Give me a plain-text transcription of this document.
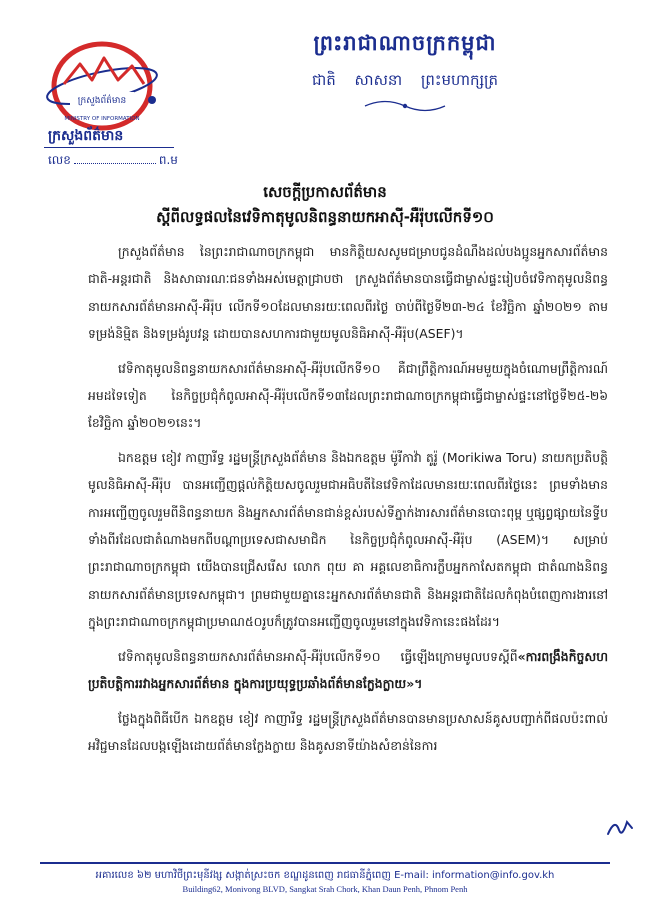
ព្រះរាជាណាចក្រកម្ពុជា
ជាតិ សាសនា ព្រះមហាក្សត្រ
ក្រសួងព័ត៌មាន
MINISTRY OF INFORMATION
ក្រសួងព័ត៌មាន
លេខ	ព.ម
សេចក្តីប្រកាសព័ត៌មាន
ស្តីពីលទ្ធផលនៃវេទិកាតុមូលនិពន្ធនាយកអាស៊ី-អឺរ៉ុបលើកទី១០

ក្រសួងព័ត៌មាន នៃព្រះរាជាណាចក្រកម្ពុជា មានកិត្តិយសសូមជម្រាបជូនដំណឹងដល់បងប្អូនអ្នកសារព័ត៌មានជាតិ-អន្តរជាតិ និងសាធារណៈជនទាំងអស់មេត្តាជ្រាបថា ក្រសួងព័ត៌មានបានធ្វើជាម្ចាស់ផ្ទះរៀបចំវេទិកាតុមូលនិពន្ធនាយកសារព័ត៌មានអាស៊ី-អឺរ៉ុប លើកទី១០ដែលមានរយៈពេលពីរថ្ងៃ ចាប់ពីថ្ងៃទី២៣-២៤ ខែវិច្ឆិកា ឆ្នាំ២០២១ តាមទម្រង់និម្មិត និងទម្រង់រូបវន្ត ដោយបានសហការជាមួយមូលនិធិអាស៊ី-អឺរ៉ុប(ASEF)។

វេទិកាតុមូលនិពន្ធនាយកសារព័ត៌មានអាស៊ី-អឺរ៉ុបលើកទី១០ គឺជាព្រឹត្តិការណ៍អមមួយក្នុងចំណោមព្រឹត្តិការណ៍អមដទៃទៀត នៃកិច្ចប្រជុំកំពូលអាស៊ី-អឺរ៉ុបលើកទី១៣ដែលព្រះរាជាណាចក្រកម្ពុជាធ្វើជាម្ចាស់ផ្ទះនៅថ្ងៃទី២៥-២៦ ខែវិច្ឆិកា ឆ្នាំ២០២១នេះ។

ឯកឧត្តម ខៀវ កាញារីទ្ធ រដ្ឋមន្ត្រីក្រសួងព័ត៌មាន និងឯកឧត្តម ម៉ូរីកាវ៉ា តូរ៉ូ (Morikiwa Toru) នាយកប្រតិបត្តិមូលនិធិអាស៊ី-អឺរ៉ុប បានអញ្ជើញផ្តល់កិត្តិយសចូលរួមជាអធិបតីនៃវេទិកាដែលមានរយៈពេលពីរថ្ងៃនេះ ព្រមទាំងមានការអញ្ជើញចូលរួមពីនិពន្ធនាយក និងអ្នកសារព័ត៌មានជាន់ខ្ពស់របស់ទីភ្នាក់ងារសារព័ត៌មានបោះពុម្ព ឬផ្សព្វផ្សាយនៃទ្វីបទាំងពីរដែលជាតំណាងមកពីបណ្តាប្រទេសជាសមាជិក នៃកិច្ចប្រជុំកំពូលអាស៊ី-អឺរ៉ុប (ASEM)។ សម្រាប់ព្រះរាជាណាចក្រកម្ពុជា យើងបានជ្រើសរើស លោក ពុយ គា អគ្គលេខាធិការក្លឹបអ្នកកាសែតកម្ពុជា ជាតំណាងនិពន្ធនាយកសារព័ត៌មានប្រទេសកម្ពុជា។ ព្រមជាមួយគ្នានេះអ្នកសារព័ត៌មានជាតិ និងអន្តរជាតិដែលកំពុងបំពេញការងារនៅក្នុងព្រះរាជាណាចក្រកម្ពុជាប្រមាណ៥០រូបក៏ត្រូវបានអញ្ជើញចូលរួមនៅក្នុងវេទិកានេះផងដែរ។

វេទិកាតុមូលនិពន្ធនាយកសារព័ត៌មានអាស៊ី-អឺរ៉ុបលើកទី១០ ធ្វើឡើងក្រោមមូលបទស្តីពី«ការពង្រឹងកិច្ចសហប្រតិបត្តិការរវាងអ្នកសារព័ត៌មាន ក្នុងការប្រយុទ្ធប្រឆាំងព័ត៌មានក្លែងក្លាយ»។

ថ្លែងក្នុងពិធីបើក ឯកឧត្តម ខៀវ កាញារីទ្ធ រដ្ឋមន្ត្រីក្រសួងព័ត៌មានបានមានប្រសាសន៍គូសបញ្ជាក់ពីផលប៉ះពាល់អវិជ្ជមានដែលបង្កឡើងដោយព័ត៌មានក្លែងក្លាយ និងគូសនាទីយ៉ាងសំខាន់នៃការ

អគារលេខ ៦២ មហាវិថីព្រះមុនីវង្ស សង្កាត់ស្រះចក ខណ្ឌដូនពេញ រាជធានីភ្នំពេញ E-mail: information@info.gov.kh
Building62, Monivong BLVD, Sangkat Srah Chork, Khan Daun Penh, Phnom Penh
